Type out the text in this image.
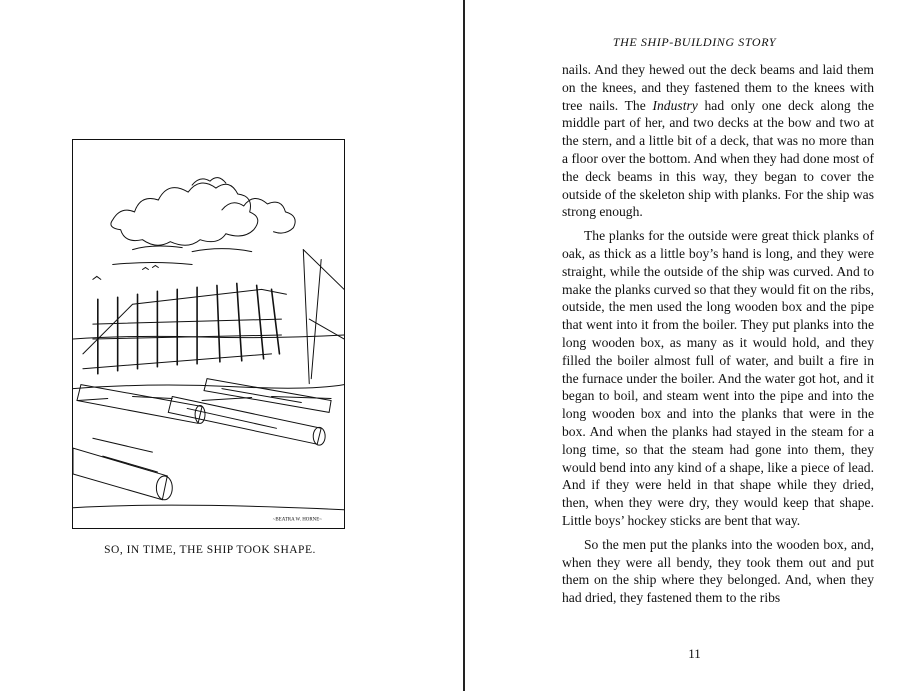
~BEATRA W. HORNE~
SO, IN TIME, THE SHIP TOOK SHAPE.
THE SHIP-BUILDING STORY

nails. And they hewed out the deck beams and laid them on the knees, and they fastened them to the knees with tree nails. The Industry had only one deck along the middle part of her, and two decks at the bow and two at the stern, and a little bit of a deck, that was no more than a floor over the bottom. And when they had done most of the deck beams in this way, they began to cover the outside of the skeleton ship with planks. For the ship was strong enough.

The planks for the outside were great thick planks of oak, as thick as a little boy’s hand is long, and they were straight, while the outside of the ship was curved. And to make the planks curved so that they would fit on the ribs, outside, the men used the long wooden box and the pipe that went into it from the boiler. They put planks into the long wooden box, as many as it would hold, and they filled the boiler almost full of water, and built a fire in the furnace under the boiler. And the water got hot, and it began to boil, and steam went into the pipe and into the long wooden box and into the planks that were in the box. And when the planks had stayed in the steam for a long time, so that the steam had gone into them, they would bend into any kind of a shape, like a piece of lead. And if they were held in that shape while they dried, then, when they were dry, they would keep that shape. Little boys’ hockey sticks are bent that way.

So the men put the planks into the wooden box, and, when they were all bendy, they took them out and put them on the ship where they belonged. And, when they had dried, they fastened them to the ribs

11
